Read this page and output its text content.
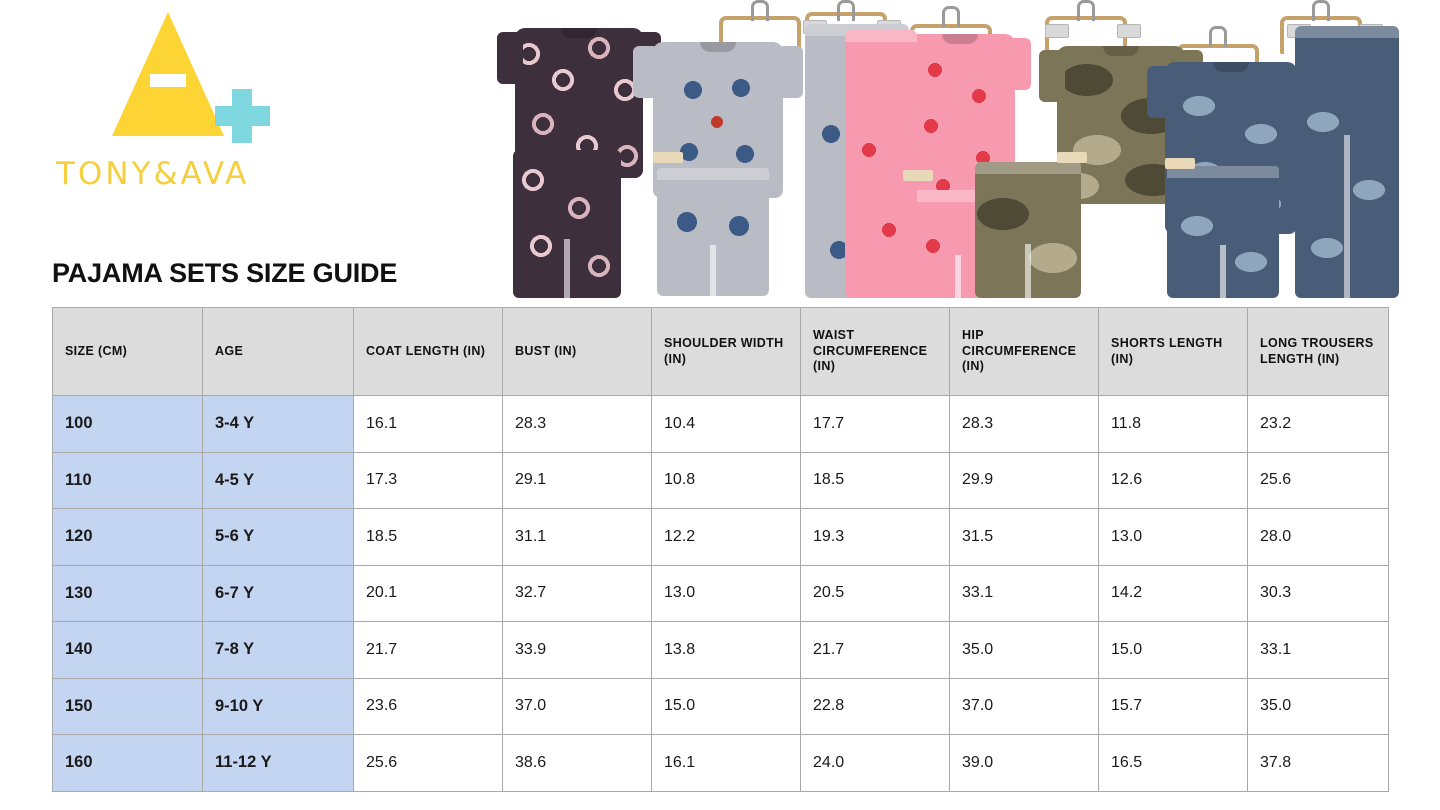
TONY&AVA
PAJAMA SETS SIZE GUIDE
SIZE (CM)	AGE	COAT LENGTH (IN)	BUST (IN)	SHOULDER WIDTH (IN)	WAIST CIRCUMFERENCE (IN)	HIP CIRCUMFERENCE (IN)	SHORTS LENGTH (IN)	LONG TROUSERS LENGTH (IN)
100	3-4 Y	16.1	28.3	10.4	17.7	28.3	11.8	23.2
110	4-5 Y	17.3	29.1	10.8	18.5	29.9	12.6	25.6
120	5-6 Y	18.5	31.1	12.2	19.3	31.5	13.0	28.0
130	6-7 Y	20.1	32.7	13.0	20.5	33.1	14.2	30.3
140	7-8 Y	21.7	33.9	13.8	21.7	35.0	15.0	33.1
150	9-10 Y	23.6	37.0	15.0	22.8	37.0	15.7	35.0
160	11-12 Y	25.6	38.6	16.1	24.0	39.0	16.5	37.8
